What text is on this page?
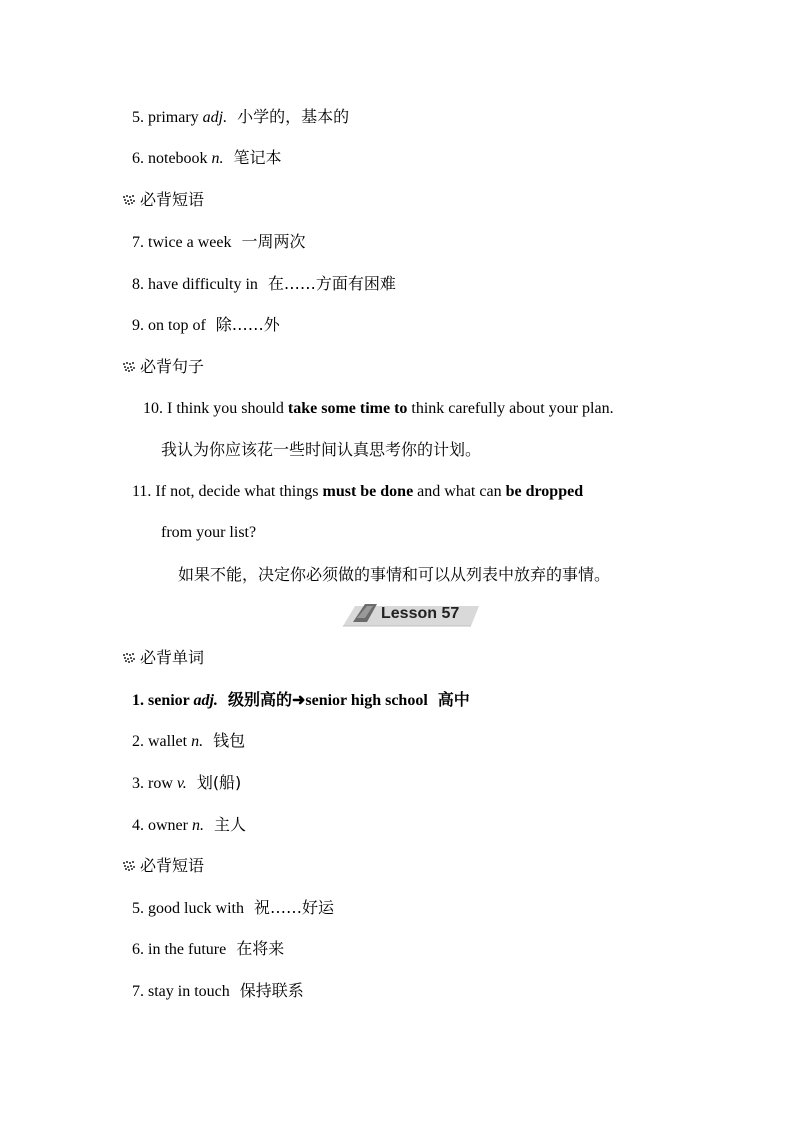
5. primary adj. 小学的，基本的
6. notebook n. 笔记本
必背短语
7. twice a week 一周两次
8. have difficulty in 在……方面有困难
9. on top of 除……外
必背句子
10. I think you should take some time to think carefully about your plan.
我认为你应该花一些时间认真思考你的计划。
11. If not, decide what things must be done and what can be dropped
from your list?
如果不能，决定你必须做的事情和可以从列表中放弃的事情。
Lesson 57
必背单词
1. senior adj. 级别高的➜senior high school 高中
2. wallet n. 钱包
3. row v. 划(船)
4. owner n. 主人
必背短语
5. good luck with 祝……好运
6. in the future 在将来
7. stay in touch 保持联系
